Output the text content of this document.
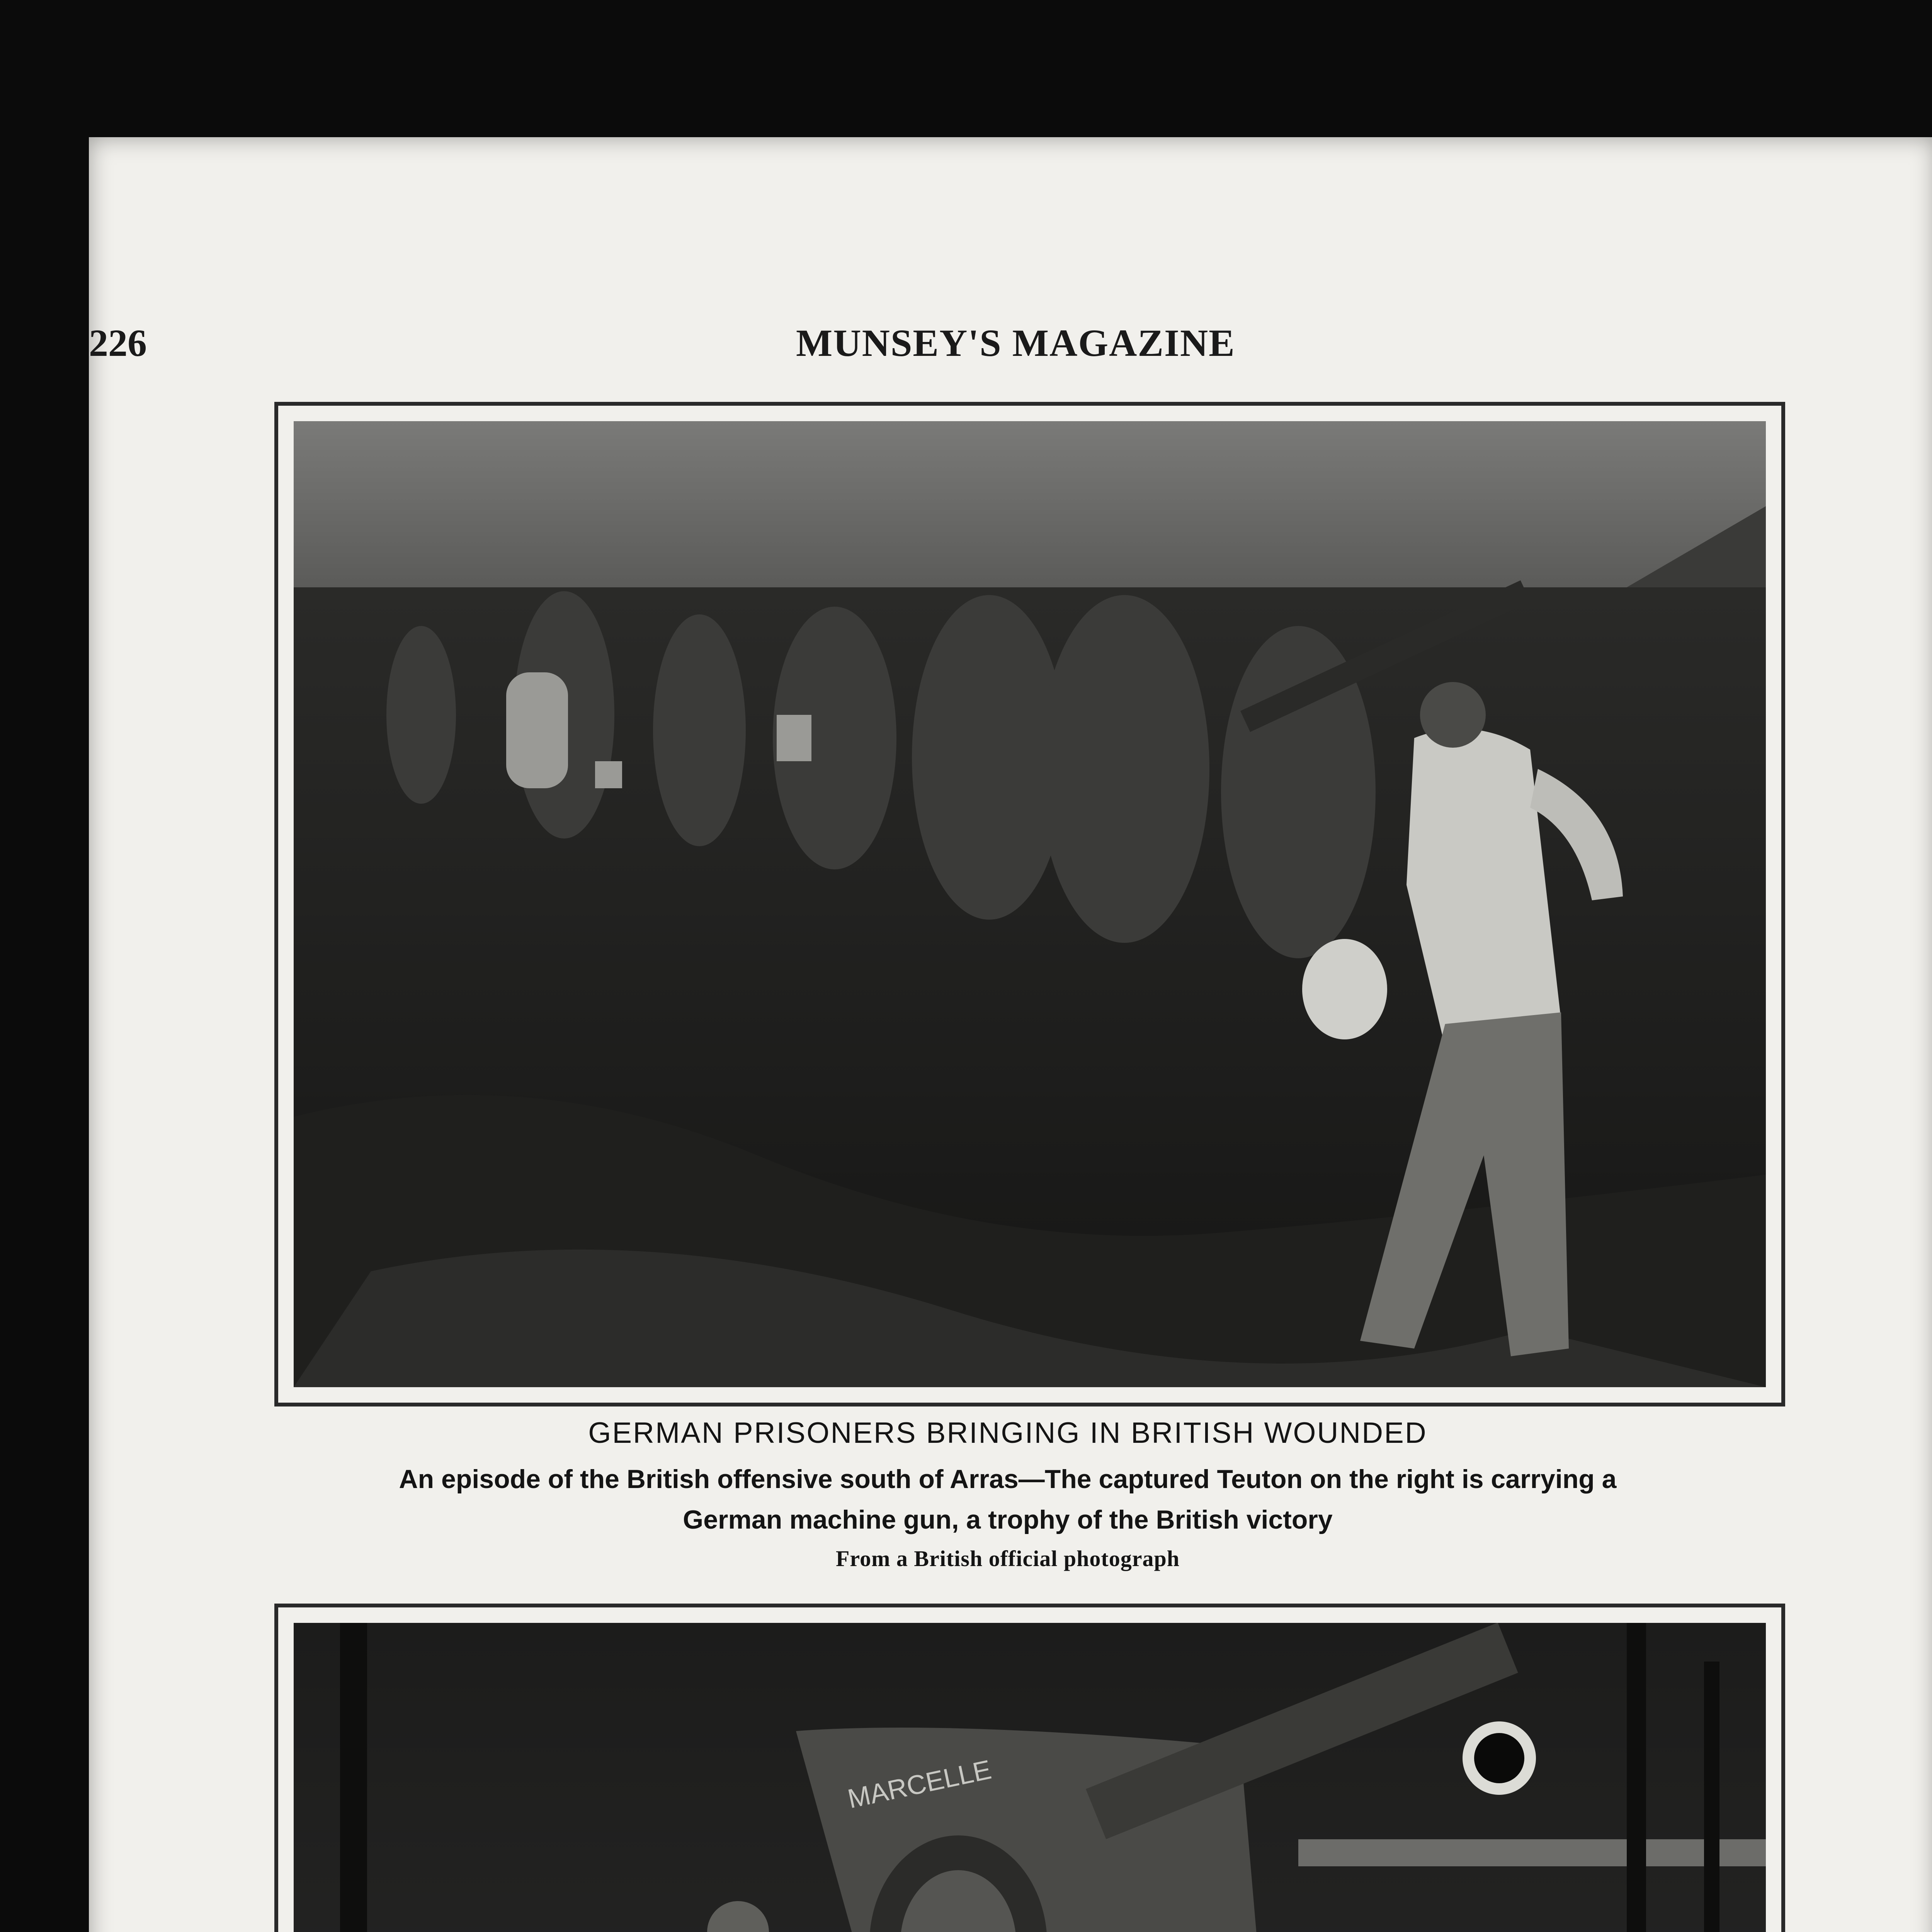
226	MUNSEY'S MAGAZINE
GERMAN PRISONERS BRINGING IN BRITISH WOUNDED
An episode of the British offensive south of Arras—The captured Teuton on the right is carrying a
German machine gun, a trophy of the British victory
From a British official photograph
MARCELLE
